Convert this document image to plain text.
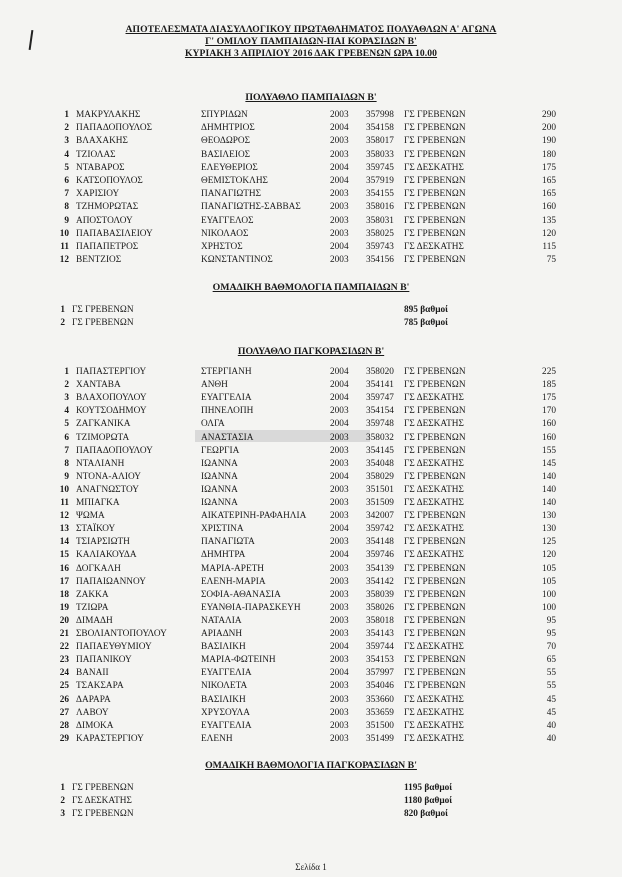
ΑΠΟΤΕΛΕΣΜΑΤΑ ΔΙΑΣΥΛΛΟΓΙΚΟΥ ΠΡΩΤΑΘΛΗΜΑΤΟΣ ΠΟΛΥΑΘΛΩΝ Α' ΑΓΩΝΑ
Γ' ΟΜΙΛΟΥ ΠΑΜΠΑΙΔΩΝ-ΠΑΙ ΚΟΡΑΣΙΔΩΝ Β'
ΚΥΡΙΑΚΗ 3 ΑΠΡΙΛΙΟΥ 2016 ΔΑΚ ΓΡΕΒΕΝΩΝ ΩΡΑ 10.00
ΠΟΛΥΑΘΛΟ ΠΑΜΠΑΙΔΩΝ Β'
1 ΜΑΚΡΥΛΑΚΗΣ	ΣΠΥΡΙΔΩΝ	2003 357998 ΓΣ ΓΡΕΒΕΝΩΝ	290
2 ΠΑΠΑΔΟΠΟΥΛΟΣ	ΔΗΜΗΤΡΙΟΣ	2004 354158 ΓΣ ΓΡΕΒΕΝΩΝ	200
3 ΒΛΑΧΑΚΗΣ	ΘΕΟΔΩΡΟΣ	2003 358017 ΓΣ ΓΡΕΒΕΝΩΝ	190
4 ΤΖΙΟΛΑΣ	ΒΑΣΙΛΕΙΟΣ	2003 358033 ΓΣ ΓΡΕΒΕΝΩΝ	180
5 ΝΤΑΒΑΡΟΣ	ΕΛΕΥΘΕΡΙΟΣ	2004 359745 ΓΣ ΔΕΣΚΑΤΗΣ	175
6 ΚΑΤΣΟΠΟΥΛΟΣ	ΘΕΜΙΣΤΟΚΛΗΣ	2004 357919 ΓΣ ΓΡΕΒΕΝΩΝ	165
7 ΧΑΡΙΣΙΟΥ	ΠΑΝΑΓΙΩΤΗΣ	2003 354155 ΓΣ ΓΡΕΒΕΝΩΝ	165
8 ΤΖΗΜΟΡΩΤΑΣ	ΠΑΝΑΓΙΩΤΗΣ-ΣΑΒΒΑΣ	2003 358016 ΓΣ ΓΡΕΒΕΝΩΝ	160
9 ΑΠΟΣΤΟΛΟΥ	ΕΥΑΓΓΕΛΟΣ	2003 358031 ΓΣ ΓΡΕΒΕΝΩΝ	135
10 ΠΑΠΑΒΑΣΙΛΕΙΟΥ	ΝΙΚΟΛΑΟΣ	2003 358025 ΓΣ ΓΡΕΒΕΝΩΝ	120
11 ΠΑΠΑΠΕΤΡΟΣ	ΧΡΗΣΤΟΣ	2004 359743 ΓΣ ΔΕΣΚΑΤΗΣ	115
12 ΒΕΝΤΖΙΟΣ	ΚΩΝΣΤΑΝΤΙΝΟΣ	2003 354156 ΓΣ ΓΡΕΒΕΝΩΝ	75
ΟΜΑΔΙΚΗ ΒΑΘΜΟΛΟΓΙΑ ΠΑΜΠΑΙΔΩΝ Β'
1 ΓΣ ΓΡΕΒΕΝΩΝ	895 βαθμοί
2 ΓΣ ΓΡΕΒΕΝΩΝ	785 βαθμοί
ΠΟΛΥΑΘΛΟ ΠΑΓΚΟΡΑΣΙΔΩΝ Β'
1 ΠΑΠΑΣΤΕΡΓΙΟΥ	ΣΤΕΡΓΙΑΝΗ	2004 358020 ΓΣ ΓΡΕΒΕΝΩΝ	225
2 ΧΑΝΤΑΒΑ	ΑΝΘΗ	2004 354141 ΓΣ ΓΡΕΒΕΝΩΝ	185
3 ΒΛΑΧΟΠΟΥΛΟΥ	ΕΥΑΓΓΕΛΙΑ	2004 359747 ΓΣ ΔΕΣΚΑΤΗΣ	175
4 ΚΟΥΤΣΟΔΗΜΟΥ	ΠΗΝΕΛΟΠΗ	2003 354154 ΓΣ ΓΡΕΒΕΝΩΝ	170
5 ΖΑΓΚΑΝΙΚΑ	ΟΛΓΑ	2004 359748 ΓΣ ΔΕΣΚΑΤΗΣ	160
6 ΤΖΙΜΟΡΩΤΑ	ΑΝΑΣΤΑΣΙΑ	2003 358032 ΓΣ ΓΡΕΒΕΝΩΝ	160
7 ΠΑΠΑΔΟΠΟΥΛΟΥ	ΓΕΩΡΓΙΑ	2003 354145 ΓΣ ΓΡΕΒΕΝΩΝ	155
8 ΝΤΑΛΙΑΝΗ	ΙΩΑΝΝΑ	2003 354048 ΓΣ ΔΕΣΚΑΤΗΣ	145
9 ΝΤΟΝΑ-ΑΛΙΟΥ	ΙΩΑΝΝΑ	2004 358029 ΓΣ ΓΡΕΒΕΝΩΝ	140
10 ΑΝΑΓΝΩΣΤΟΥ	ΙΩΑΝΝΑ	2003 351501 ΓΣ ΔΕΣΚΑΤΗΣ	140
11 ΜΠΙΑΓΚΑ	ΙΩΑΝΝΑ	2003 351509 ΓΣ ΔΕΣΚΑΤΗΣ	140
12 ΨΩΜΑ	ΑΙΚΑΤΕΡΙΝΗ-ΡΑΦΑΗΛΙΑ	2003 342007 ΓΣ ΓΡΕΒΕΝΩΝ	130
13 ΣΤΑΪΚΟΥ	ΧΡΙΣΤΙΝΑ	2004 359742 ΓΣ ΔΕΣΚΑΤΗΣ	130
14 ΤΣΙΑΡΣΙΩΤΗ	ΠΑΝΑΓΙΩΤΑ	2003 354148 ΓΣ ΓΡΕΒΕΝΩΝ	125
15 ΚΑΛΙΑΚΟΥΔΑ	ΔΗΜΗΤΡΑ	2004 359746 ΓΣ ΔΕΣΚΑΤΗΣ	120
16 ΔΟΓΚΑΛΗ	ΜΑΡΙΑ-ΑΡΕΤΗ	2003 354139 ΓΣ ΓΡΕΒΕΝΩΝ	105
17 ΠΑΠΑΙΩΑΝΝΟΥ	ΕΛΕΝΗ-ΜΑΡΙΑ	2003 354142 ΓΣ ΓΡΕΒΕΝΩΝ	105
18 ΖΑΚΚΑ	ΣΟΦΙΑ-ΑΘΑΝΑΣΙΑ	2003 358039 ΓΣ ΓΡΕΒΕΝΩΝ	100
19 ΤΖΙΩΡΑ	ΕΥΑΝΘΙΑ-ΠΑΡΑΣΚΕΥΗ	2003 358026 ΓΣ ΓΡΕΒΕΝΩΝ	100
20 ΔΙΜΑΔΗ	ΝΑΤΑΛΙΑ	2003 358018 ΓΣ ΓΡΕΒΕΝΩΝ	95
21 ΣΒΟΛΙΑΝΤΟΠΟΥΛΟΥ	ΑΡΙΑΔΝΗ	2003 354143 ΓΣ ΓΡΕΒΕΝΩΝ	95
22 ΠΑΠΑΕΥΘΥΜΙΟΥ	ΒΑΣΙΛΙΚΗ	2004 359744 ΓΣ ΔΕΣΚΑΤΗΣ	70
23 ΠΑΠΑΝΙΚΟΥ	ΜΑΡΙΑ-ΦΩΤΕΙΝΗ	2003 354153 ΓΣ ΓΡΕΒΕΝΩΝ	65
24 ΒΑΝΑΙΙ	ΕΥΑΓΓΕΛΙΑ	2004 357997 ΓΣ ΓΡΕΒΕΝΩΝ	55
25 ΤΣΑΚΣΑΡΑ	ΝΙΚΟΛΕΤΑ	2003 354046 ΓΣ ΓΡΕΒΕΝΩΝ	55
26 ΔΑΡΑΡΑ	ΒΑΣΙΛΙΚΗ	2003 353660 ΓΣ ΔΕΣΚΑΤΗΣ	45
27 ΛΑΒΟΥ	ΧΡΥΣΟΥΛΑ	2003 353659 ΓΣ ΔΕΣΚΑΤΗΣ	45
28 ΔΙΜΟΚΑ	ΕΥΑΓΓΕΛΙΑ	2003 351500 ΓΣ ΔΕΣΚΑΤΗΣ	40
29 ΚΑΡΑΣΤΕΡΓΙΟΥ	ΕΛΕΝΗ	2003 351499 ΓΣ ΔΕΣΚΑΤΗΣ	40
ΟΜΑΔΙΚΗ ΒΑΘΜΟΛΟΓΙΑ ΠΑΓΚΟΡΑΣΙΔΩΝ Β'
1 ΓΣ ΓΡΕΒΕΝΩΝ	1195 βαθμοί
2 ΓΣ ΔΕΣΚΑΤΗΣ	1180 βαθμοί
3 ΓΣ ΓΡΕΒΕΝΩΝ	820 βαθμοί
Σελίδα 1
